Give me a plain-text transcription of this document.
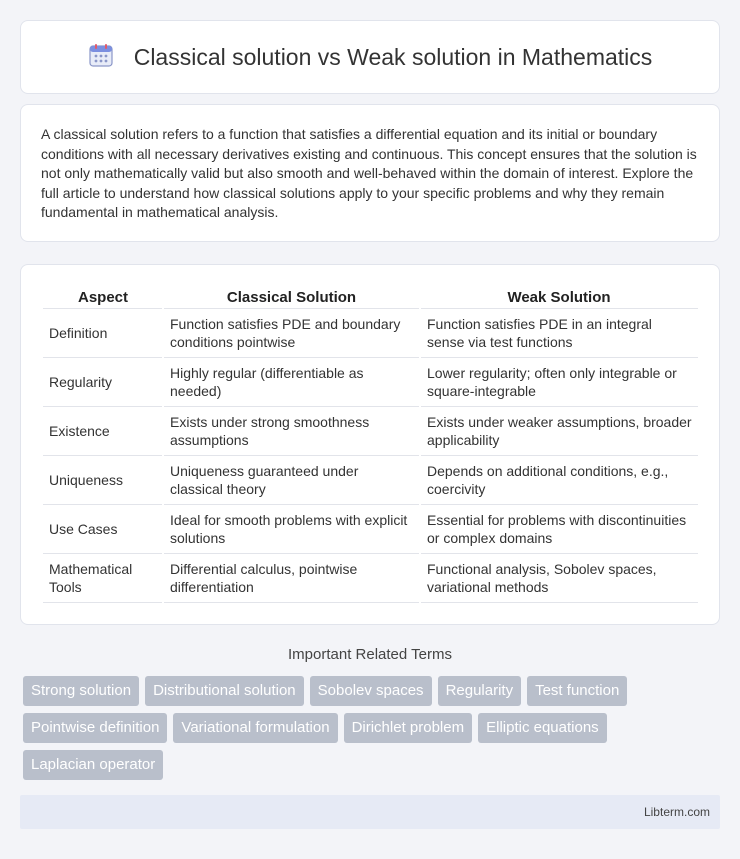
Classical solution vs Weak solution in Mathematics

A classical solution refers to a function that satisfies a differential equation and its initial or boundary conditions with all necessary derivatives existing and continuous. This concept ensures that the solution is not only mathematically valid but also smooth and well-behaved within the domain of interest. Explore the full article to understand how classical solutions apply to your specific problems and why they remain fundamental in mathematical analysis.

Aspect	Classical Solution	Weak Solution
Definition	Function satisfies PDE and boundary conditions pointwise	Function satisfies PDE in an integral sense via test functions
Regularity	Highly regular (differentiable as needed)	Lower regularity; often only integrable or square-integrable
Existence	Exists under strong smoothness assumptions	Exists under weaker assumptions, broader applicability
Uniqueness	Uniqueness guaranteed under classical theory	Depends on additional conditions, e.g., coercivity
Use Cases	Ideal for smooth problems with explicit solutions	Essential for problems with discontinuities or complex domains
Mathematical Tools	Differential calculus, pointwise differentiation	Functional analysis, Sobolev spaces, variational methods
Important Related Terms
Strong solution	Distributional solution	Sobolev spaces	Regularity	Test function
Pointwise definition	Variational formulation	Dirichlet problem	Elliptic equations
Laplacian operator
Libterm.com
